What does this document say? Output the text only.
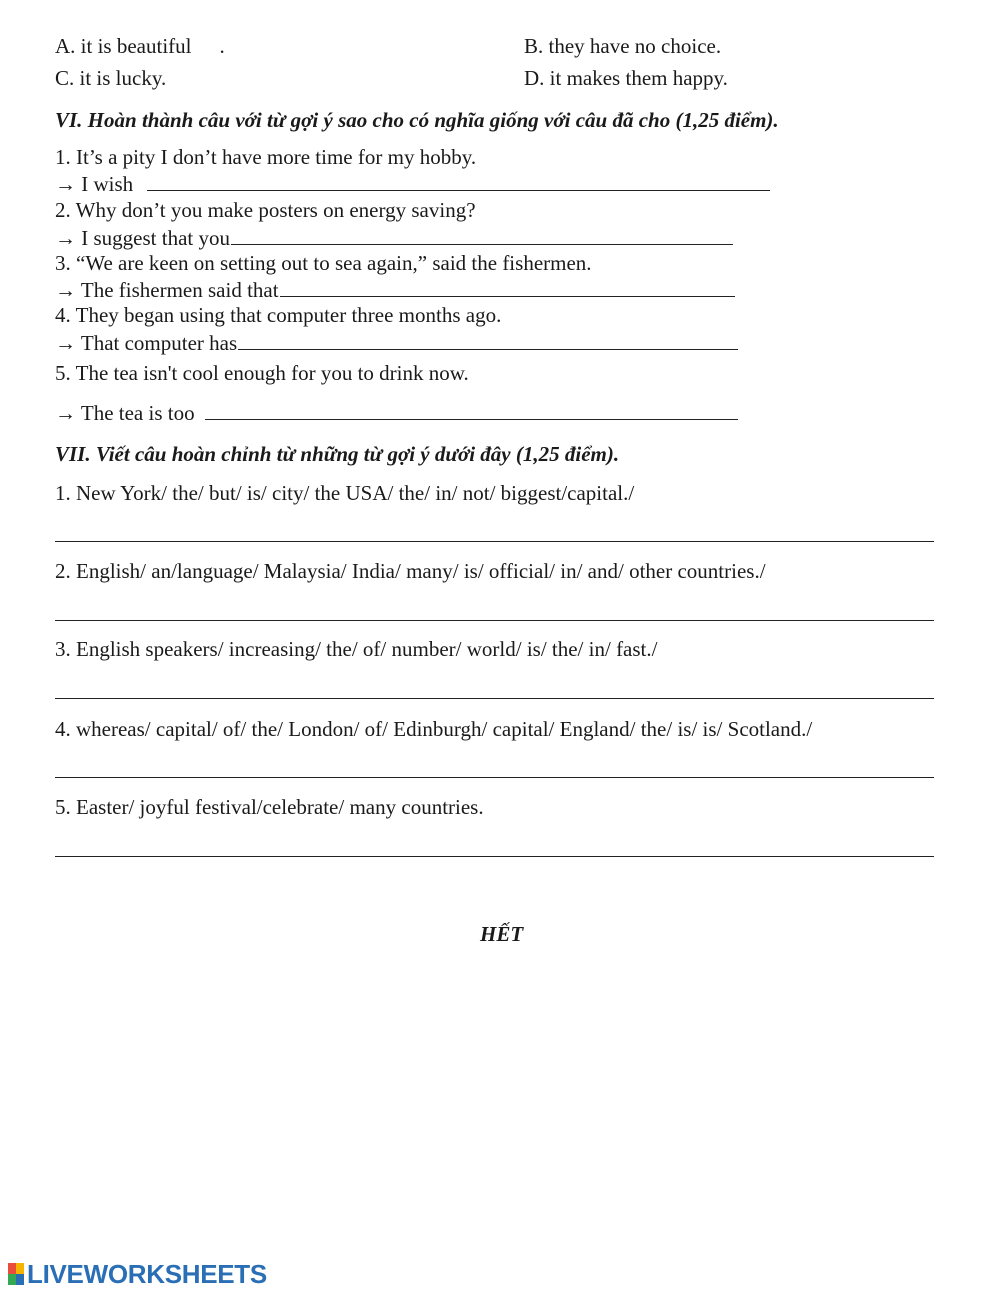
A. it is beautiful .	B. they have no choice.
C. it is lucky.	D. it makes them happy.
VI. Hoàn thành câu với từ gợi ý sao cho có nghĩa giống với câu đã cho (1,25 điểm).
1. It’s a pity I don’t have more time for my hobby.
→ I wish
2. Why don’t you make posters on energy saving?
→ I suggest that you
3. “We are keen on setting out to sea again,” said the fishermen.
→ The fishermen said that
4. They began using that computer three months ago.
→ That computer has
5. The tea isn't cool enough for you to drink now.
→ The tea is too
VII. Viết câu hoàn chỉnh từ những từ gợi ý dưới đây (1,25 điểm).
1. New York/ the/ but/ is/ city/ the USA/ the/ in/ not/ biggest/capital./
2. English/ an/language/ Malaysia/ India/ many/ is/ official/ in/ and/ other countries./
3. English speakers/ increasing/ the/ of/ number/ world/ is/ the/ in/ fast./
4. whereas/ capital/ of/ the/ London/ of/ Edinburgh/ capital/ England/ the/ is/ is/ Scotland./
5. Easter/ joyful festival/celebrate/ many countries.
HẾT
LIVEWORKSHEETS
